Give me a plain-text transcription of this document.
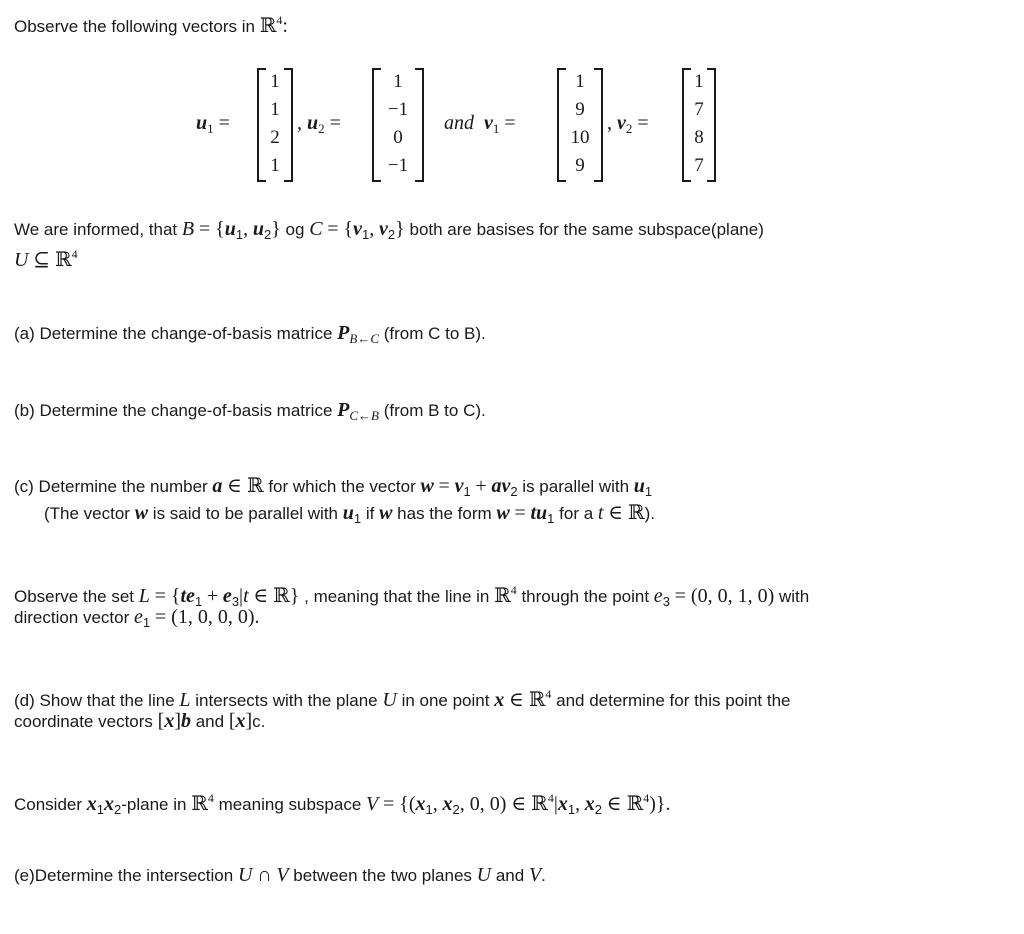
Observe the following vectors in ℝ$^4$:
$u_1$ =
1
1
2
1
, $u_2$ =
1
−1
0
−1
and $v_1$ =
1
9
10
9
, $v_2$ =
1
7
8
7
We are informed, that $B = \{u_1$, $u_2$} og $C = \{v_1$, $v_2$} both are basises for the same subspace(plane)
U ⊆ ℝ$^4$
(a) Determine the change-of-basis matrice $P_{B\leftarrow C}$ (from C to B).
(b) Determine the change-of-basis matrice $P_{C\leftarrow B}$ (from B to C).
(c) Determine the number a ∈ ℝ for which the vector $w = v_1 + av_2$ is parallel with $u_1$
(The vector w is said to be parallel with $u_1$ if w has the form $w = tu_1$ for a t ∈ ℝ).
Observe the set $L = \{te_1 + e_3|t$ ∈ ℝ} , meaning that the line in ℝ$^4$ through the point $e_3 = (0$, 0, 1, 0) with
direction vector $e_1 = (1$, 0, 0, 0).
(d) Show that the line L intersects with the plane U in one point x ∈ ℝ$^4$ and determine for this point the
coordinate vectors [x]b and [x]c.
Consider $x_1x_2$-plane in ℝ$^4$ meaning subspace $V = \{(x_1$, $x_2$, 0, 0) ∈ $ℝ^4|x_1$, $x_2$ ∈ ℝ$^4$)}.
(e)Determine the intersection U ∩ V between the two planes U and V.
